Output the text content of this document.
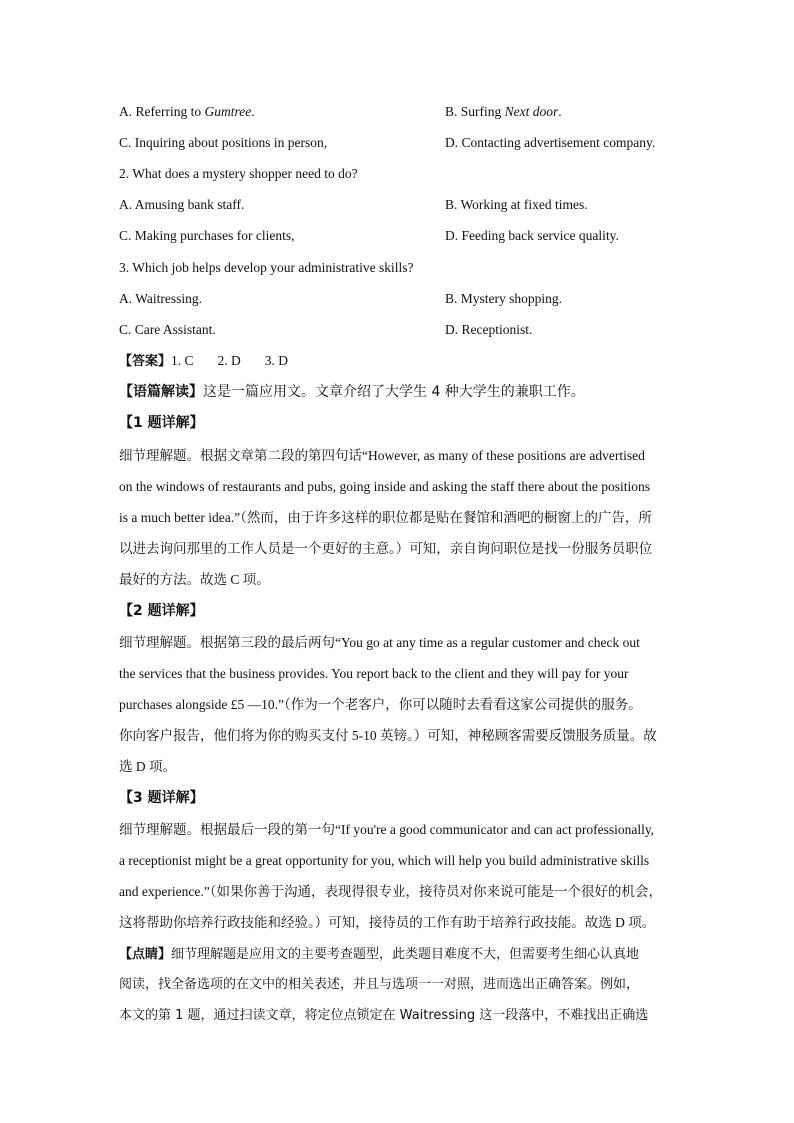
A. Referring to Gumtree.	B. Surfing Next door.
C. Inquiring about positions in person,	D. Contacting advertisement company.
2. What does a mystery shopper need to do?
A. Amusing bank staff.	B. Working at fixed times.
C. Making purchases for clients,	D. Feeding back service quality.
3. Which job helps develop your administrative skills?
A. Waitressing.	B. Mystery shopping.
C. Care Assistant.	D. Receptionist.
【答案】1. C 2. D 3. D
【语篇解读】这是一篇应用文。文章介绍了大学生 4 种大学生的兼职工作。
【1 题详解】
细节理解题。根据文章第二段的第四句话“However, as many of these positions are advertised
on the windows of restaurants and pubs, going inside and asking the staff there about the positions
is a much better idea.”（然而，由于许多这样的职位都是贴在餐馆和酒吧的橱窗上的广告，所
以进去询问那里的工作人员是一个更好的主意。）可知，亲自询问职位是找一份服务员职位
最好的方法。故选 C 项。
【2 题详解】
细节理解题。根据第三段的最后两句“You go at any time as a regular customer and check out
the services that the business provides. You report back to the client and they will pay for your
purchases alongside £5 —10.”（作为一个老客户，你可以随时去看看这家公司提供的服务。
你向客户报告，他们将为你的购买支付 5-10 英镑。）可知，神秘顾客需要反馈服务质量。故
选 D 项。
【3 题详解】
细节理解题。根据最后一段的第一句“If you're a good communicator and can act professionally,
a receptionist might be a great opportunity for you, which will help you build administrative skills
and experience.”（如果你善于沟通，表现得很专业，接待员对你来说可能是一个很好的机会，
这将帮助你培养行政技能和经验。）可知，接待员的工作有助于培养行政技能。故选 D 项。
【点睛】细节理解题是应用文的主要考查题型，此类题目难度不大，但需要考生细心认真地
阅读，找全备选项的在文中的相关表述，并且与选项一一对照，进而选出正确答案。例如，
本文的第 1 题，通过扫读文章，将定位点锁定在 Waitressing 这一段落中，不难找出正确选
